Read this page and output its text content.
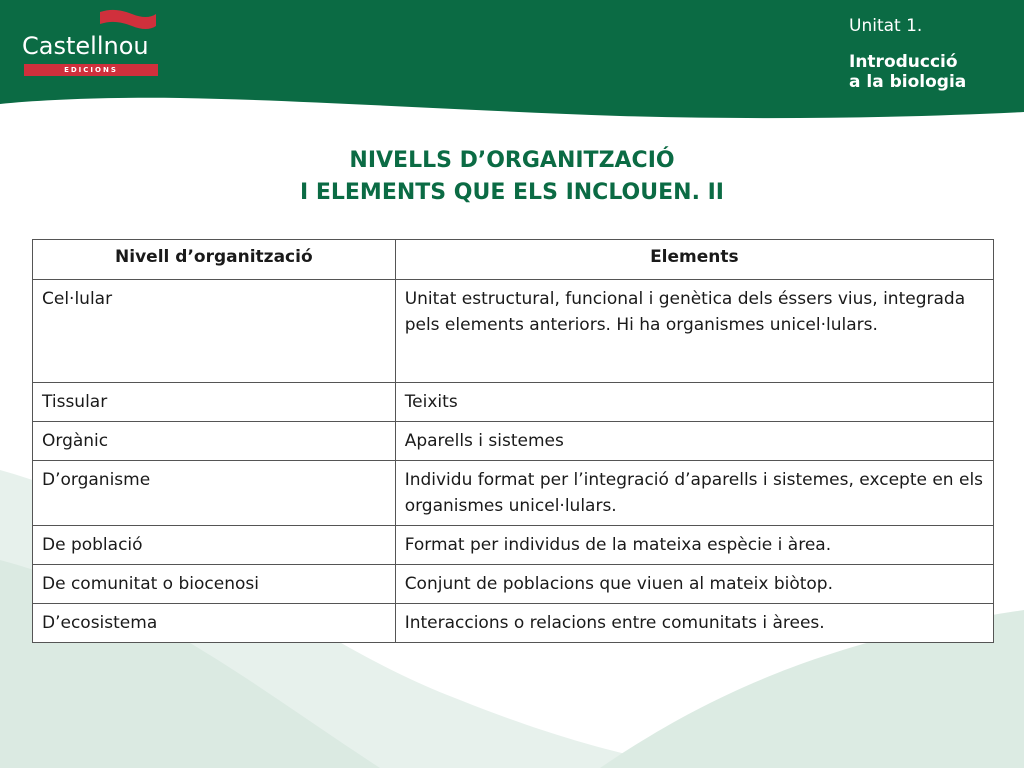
Castellnou
EDICIONS
Unitat 1.
Introducció
a la biologia
NIVELLS D’ORGANITZACIÓ
I ELEMENTS QUE ELS INCLOUEN. II
Nivell d’organització	Elements
Cel·lular	Unitat estructural, funcional i genètica dels éssers vius, integrada pels elements anteriors. Hi ha organismes unicel·lulars.
Tissular	Teixits
Orgànic	Aparells i sistemes
D’organisme	Individu format per l’integració d’aparells i sistemes, excepte en els organismes unicel·lulars.
De població	Format per individus de la mateixa espècie i àrea.
De comunitat o biocenosi	Conjunt de poblacions que viuen al mateix biòtop.
D’ecosistema	Interaccions o relacions entre comunitats i àrees.
